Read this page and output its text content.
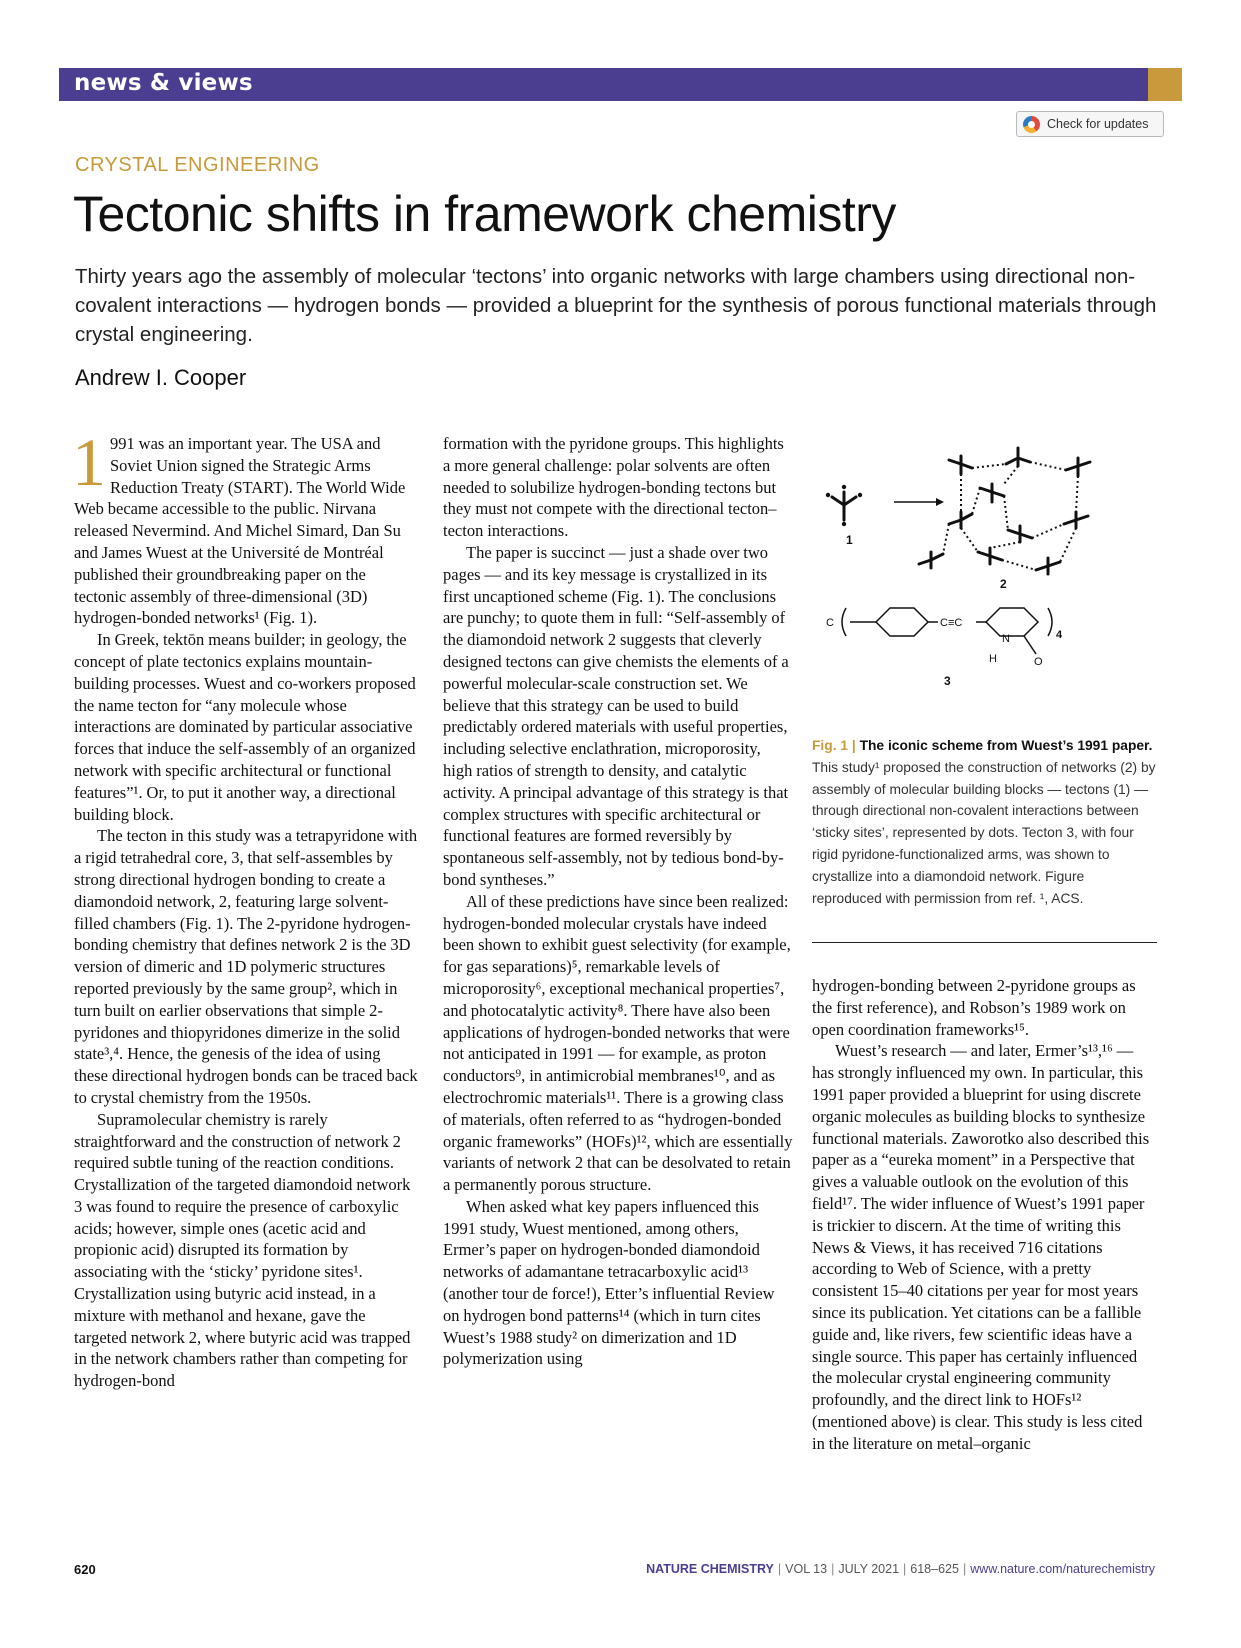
news & views
Check for updates
CRYSTAL ENGINEERING
Tectonic shifts in framework chemistry
Thirty years ago the assembly of molecular ‘tectons’ into organic networks with large chambers using directional non-covalent interactions — hydrogen bonds — provided a blueprint for the synthesis of porous functional materials through crystal engineering.
Andrew I. Cooper

1 991 was an important year. The USA and Soviet Union signed the Strategic Arms Reduction Treaty (START). The World Wide Web became accessible to the public. Nirvana released Nevermind. And Michel Simard, Dan Su and James Wuest at the Université de Montréal published their groundbreaking paper on the tectonic assembly of three-dimensional (3D) hydrogen-bonded networks¹ (Fig. 1).

In Greek, tektōn means builder; in geology, the concept of plate tectonics explains mountain-building processes. Wuest and co-workers proposed the name tecton for “any molecule whose interactions are dominated by particular associative forces that induce the self-assembly of an organized network with specific architectural or functional features”¹. Or, to put it another way, a directional building block.

The tecton in this study was a tetrapyridone with a rigid tetrahedral core, 3, that self-assembles by strong directional hydrogen bonding to create a diamondoid network, 2, featuring large solvent-filled chambers (Fig. 1). The 2-pyridone hydrogen-bonding chemistry that defines network 2 is the 3D version of dimeric and 1D polymeric structures reported previously by the same group², which in turn built on earlier observations that simple 2-pyridones and thiopyridones dimerize in the solid state³,⁴. Hence, the genesis of the idea of using these directional hydrogen bonds can be traced back to crystal chemistry from the 1950s.

Supramolecular chemistry is rarely straightforward and the construction of network 2 required subtle tuning of the reaction conditions. Crystallization of the targeted diamondoid network 3 was found to require the presence of carboxylic acids; however, simple ones (acetic acid and propionic acid) disrupted its formation by associating with the ‘sticky’ pyridone sites¹. Crystallization using butyric acid instead, in a mixture with methanol and hexane, gave the targeted network 2, where butyric acid was trapped in the network chambers rather than competing for hydrogen-bond

formation with the pyridone groups. This highlights a more general challenge: polar solvents are often needed to solubilize hydrogen-bonding tectons but they must not compete with the directional tecton–tecton interactions.

The paper is succinct — just a shade over two pages — and its key message is crystallized in its first uncaptioned scheme (Fig. 1). The conclusions are punchy; to quote them in full: “Self-assembly of the diamondoid network 2 suggests that cleverly designed tectons can give chemists the elements of a powerful molecular-scale construction set. We believe that this strategy can be used to build predictably ordered materials with useful properties, including selective enclathration, microporosity, high ratios of strength to density, and catalytic activity. A principal advantage of this strategy is that complex structures with specific architectural or functional features are formed reversibly by spontaneous self-assembly, not by tedious bond-by-bond syntheses.”

All of these predictions have since been realized: hydrogen-bonded molecular crystals have indeed been shown to exhibit guest selectivity (for example, for gas separations)⁵, remarkable levels of microporosity⁶, exceptional mechanical properties⁷, and photocatalytic activity⁸. There have also been applications of hydrogen-bonded networks that were not anticipated in 1991 — for example, as proton conductors⁹, in antimicrobial membranes¹⁰, and as electrochromic materials¹¹. There is a growing class of materials, often referred to as “hydrogen-bonded organic frameworks” (HOFs)¹², which are essentially variants of network 2 that can be desolvated to retain a permanently porous structure.

When asked what key papers influenced this 1991 study, Wuest mentioned, among others, Ermer’s paper on hydrogen-bonded diamondoid networks of adamantane tetracarboxylic acid¹³ (another tour de force!), Etter’s influential Review on hydrogen bond patterns¹⁴ (which in turn cites Wuest’s 1988 study² on dimerization and 1D polymerization using

1
2
C	C≡C
N
H	O
4
3
Fig. 1 | The iconic scheme from Wuest’s 1991 paper. This study¹ proposed the construction of networks (2) by assembly of molecular building blocks — tectons (1) — through directional non-covalent interactions between ‘sticky sites’, represented by dots. Tecton 3, with four rigid pyridone-functionalized arms, was shown to crystallize into a diamondoid network. Figure reproduced with permission from ref. ¹, ACS.

hydrogen-bonding between 2-pyridone groups as the first reference), and Robson’s 1989 work on open coordination frameworks¹⁵.

Wuest’s research — and later, Ermer’s¹³,¹⁶ — has strongly influenced my own. In particular, this 1991 paper provided a blueprint for using discrete organic molecules as building blocks to synthesize functional materials. Zaworotko also described this paper as a “eureka moment” in a Perspective that gives a valuable outlook on the evolution of this field¹⁷. The wider influence of Wuest’s 1991 paper is trickier to discern. At the time of writing this News & Views, it has received 716 citations according to Web of Science, with a pretty consistent 15–40 citations per year for most years since its publication. Yet citations can be a fallible guide and, like rivers, few scientific ideas have a single source. This paper has certainly influenced the molecular crystal engineering community profoundly, and the direct link to HOFs¹² (mentioned above) is clear. This study is less cited in the literature on metal–organic

620	NATURE CHEMISTRY | VOL 13 | JULY 2021 | 618–625 | www.nature.com/naturechemistry
